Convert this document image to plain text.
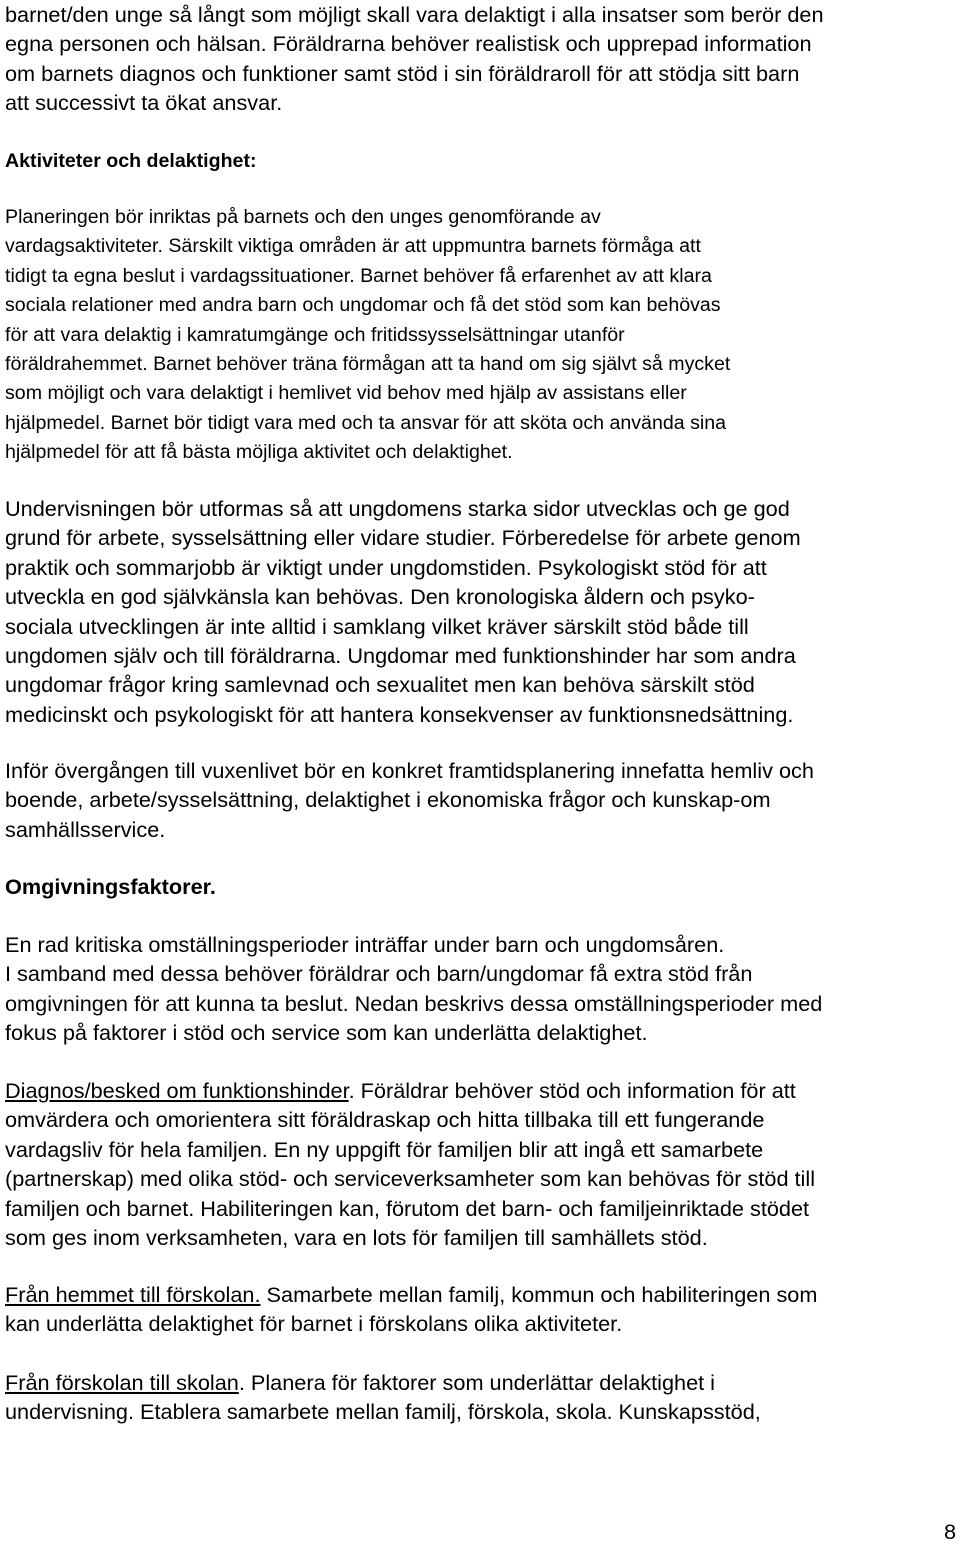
barnet/den unge så långt som möjligt skall vara delaktigt i alla insatser som berör den
egna personen och hälsan. Föräldrarna behöver realistisk och upprepad information
om barnets diagnos och funktioner samt stöd i sin föräldraroll för att stödja sitt barn
att successivt ta ökat ansvar.
Aktiviteter och delaktighet:
Planeringen bör inriktas på barnets och den unges genomförande av
vardagsaktiviteter. Särskilt viktiga områden är att uppmuntra barnets förmåga att
tidigt ta egna beslut i vardagssituationer. Barnet behöver få erfarenhet av att klara
sociala relationer med andra barn och ungdomar och få det stöd som kan behövas
för att vara delaktig i kamratumgänge och fritidssysselsättningar utanför
föräldrahemmet. Barnet behöver träna förmågan att ta hand om sig självt så mycket
som möjligt och vara delaktigt i hemlivet vid behov med hjälp av assistans eller
hjälpmedel. Barnet bör tidigt vara med och ta ansvar för att sköta och använda sina
hjälpmedel för att få bästa möjliga aktivitet och delaktighet.
Undervisningen bör utformas så att ungdomens starka sidor utvecklas och ge god
grund för arbete, sysselsättning eller vidare studier. Förberedelse för arbete genom
praktik och sommarjobb är viktigt under ungdomstiden. Psykologiskt stöd för att
utveckla en god självkänsla kan behövas. Den kronologiska åldern och psyko-
sociala utvecklingen är inte alltid i samklang vilket kräver särskilt stöd både till
ungdomen själv och till föräldrarna. Ungdomar med funktionshinder har som andra
ungdomar frågor kring samlevnad och sexualitet men kan behöva särskilt stöd
medicinskt och psykologiskt för att hantera konsekvenser av funktionsnedsättning.
Inför övergången till vuxenlivet bör en konkret framtidsplanering innefatta hemliv och
boende, arbete/sysselsättning, delaktighet i ekonomiska frågor och kunskap-om
samhällsservice.
Omgivningsfaktorer.
En rad kritiska omställningsperioder inträffar under barn och ungdomsåren.
I samband med dessa behöver föräldrar och barn/ungdomar få extra stöd från
omgivningen för att kunna ta beslut. Nedan beskrivs dessa omställningsperioder med
fokus på faktorer i stöd och service som kan underlätta delaktighet.
Diagnos/besked om funktionshinder. Föräldrar behöver stöd och information för att
omvärdera och omorientera sitt föräldraskap och hitta tillbaka till ett fungerande
vardagsliv för hela familjen. En ny uppgift för familjen blir att ingå ett samarbete
(partnerskap) med olika stöd- och serviceverksamheter som kan behövas för stöd till
familjen och barnet. Habiliteringen kan, förutom det barn- och familjeinriktade stödet
som ges inom verksamheten, vara en lots för familjen till samhällets stöd.
Från hemmet till förskolan. Samarbete mellan familj, kommun och habiliteringen som
kan underlätta delaktighet för barnet i förskolans olika aktiviteter.
Från förskolan till skolan. Planera för faktorer som underlättar delaktighet i
undervisning. Etablera samarbete mellan familj, förskola, skola. Kunskapsstöd,
8
